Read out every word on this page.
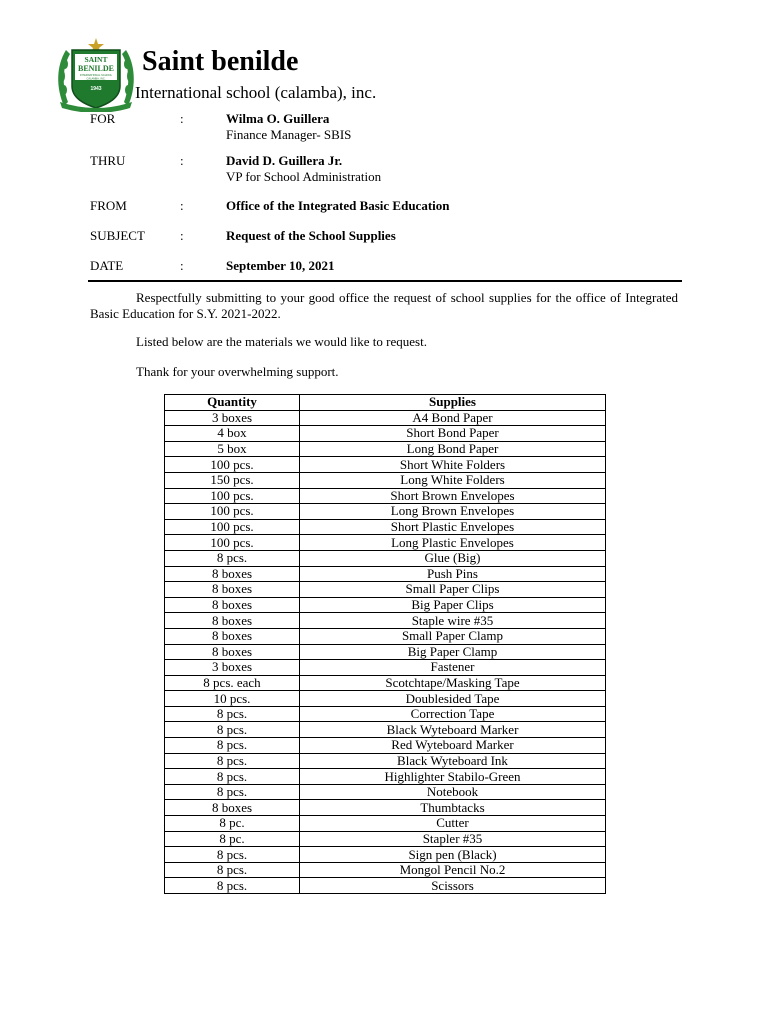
SAINT
BENILDE
INTERNATIONAL SCHOOL
CALAMBA, INC.
1943
Saint benilde
International school (calamba), inc.
FOR	:	Wilma O. Guillera
Finance Manager- SBIS
THRU	:	David D. Guillera Jr.
VP for School Administration
FROM	:	Office of the Integrated Basic Education
SUBJECT	:	Request of the School Supplies
DATE	:	September 10, 2021
Respectfully submitting to your good office the request of school supplies for the office of Integrated Basic Education for S.Y. 2021-2022.
Listed below are the materials we would like to request.
Thank for your overwhelming support.
Quantity	Supplies
3 boxes	A4 Bond Paper
4 box	Short Bond Paper
5 box	Long Bond Paper
100 pcs.	Short White Folders
150 pcs.	Long White Folders
100 pcs.	Short Brown Envelopes
100 pcs.	Long Brown Envelopes
100 pcs.	Short Plastic Envelopes
100 pcs.	Long Plastic Envelopes
8 pcs.	Glue (Big)
8 boxes	Push Pins
8 boxes	Small Paper Clips
8 boxes	Big Paper Clips
8 boxes	Staple wire #35
8 boxes	Small Paper Clamp
8 boxes	Big Paper Clamp
3 boxes	Fastener
8 pcs. each	Scotchtape/Masking Tape
10 pcs.	Doublesided Tape
8 pcs.	Correction Tape
8 pcs.	Black Wyteboard Marker
8 pcs.	Red Wyteboard Marker
8 pcs.	Black Wyteboard Ink
8 pcs.	Highlighter Stabilo-Green
8 pcs.	Notebook
8 boxes	Thumbtacks
8 pc.	Cutter
8 pc.	Stapler #35
8 pcs.	Sign pen (Black)
8 pcs.	Mongol Pencil No.2
8 pcs.	Scissors
